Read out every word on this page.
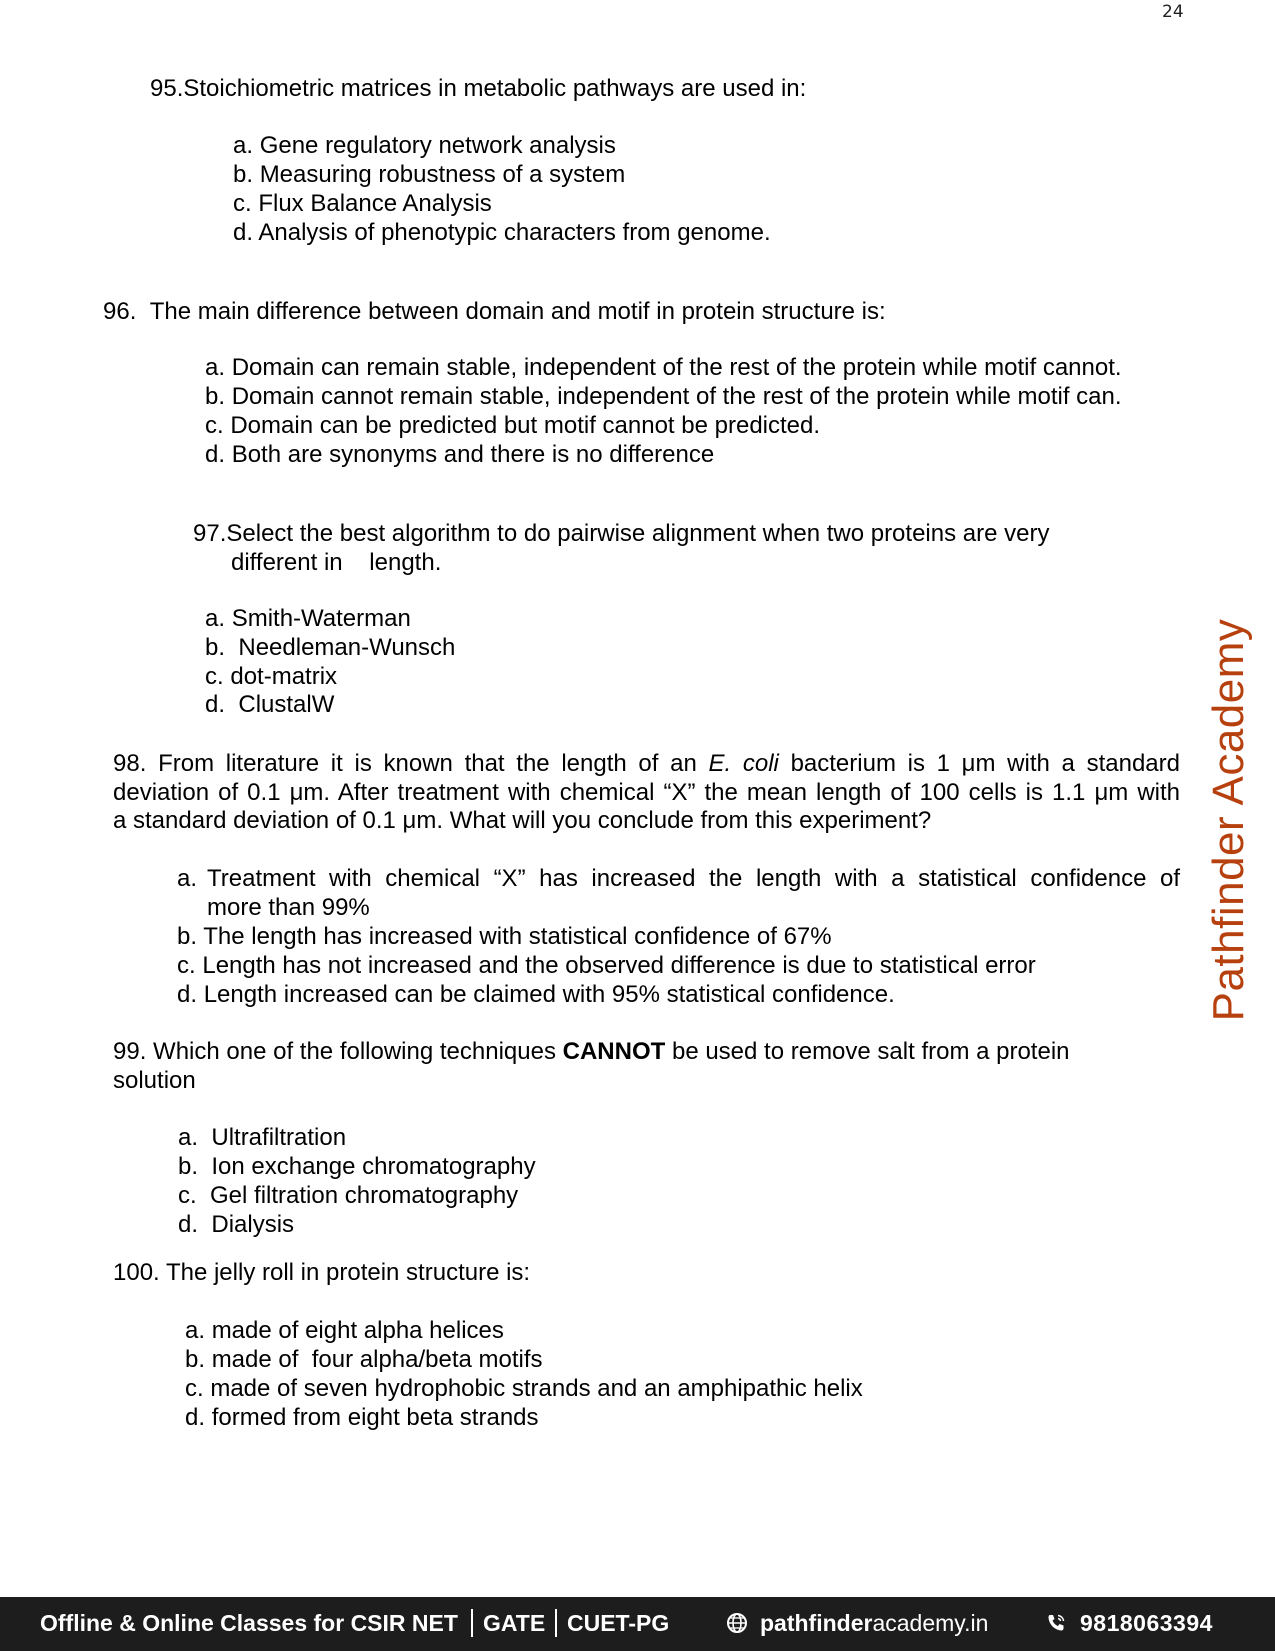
24
95.Stoichiometric matrices in metabolic pathways are used in:
a. Gene regulatory network analysis
b. Measuring robustness of a system
c. Flux Balance Analysis
d. Analysis of phenotypic characters from genome.
96. The main difference between domain and motif in protein structure is:
a. Domain can remain stable, independent of the rest of the protein while motif cannot.
b. Domain cannot remain stable, independent of the rest of the protein while motif can.
c. Domain can be predicted but motif cannot be predicted.
d. Both are synonyms and there is no difference
97.Select the best algorithm to do pairwise alignment when two proteins are very
different in    length.
a. Smith-Waterman
b. Needleman-Wunsch
c. dot-matrix
d. ClustalW
98. From literature it is known that the length of an E. coli bacterium is 1 μm with a standard
deviation of 0.1 μm. After treatment with chemical “X” the mean length of 100 cells is 1.1 μm with
a standard deviation of 0.1 μm. What will you conclude from this experiment?
a. Treatment with chemical “X” has increased the length with a statistical confidence of
more than 99%
b. The length has increased with statistical confidence of 67%
c. Length has not increased and the observed difference is due to statistical error
d. Length increased can be claimed with 95% statistical confidence.
99. Which one of the following techniques CANNOT be used to remove salt from a protein
solution
a. Ultrafiltration
b. Ion exchange chromatography
c. Gel filtration chromatography
d. Dialysis
100. The jelly roll in protein structure is:
a. made of eight alpha helices
b. made of  four alpha/beta motifs
c. made of seven hydrophobic strands and an amphipathic helix
d. formed from eight beta strands
Pathfinder Academy
Offline & Online Classes for CSIR NET GATE CUET-PG	pathfinderacademy.in	9818063394
